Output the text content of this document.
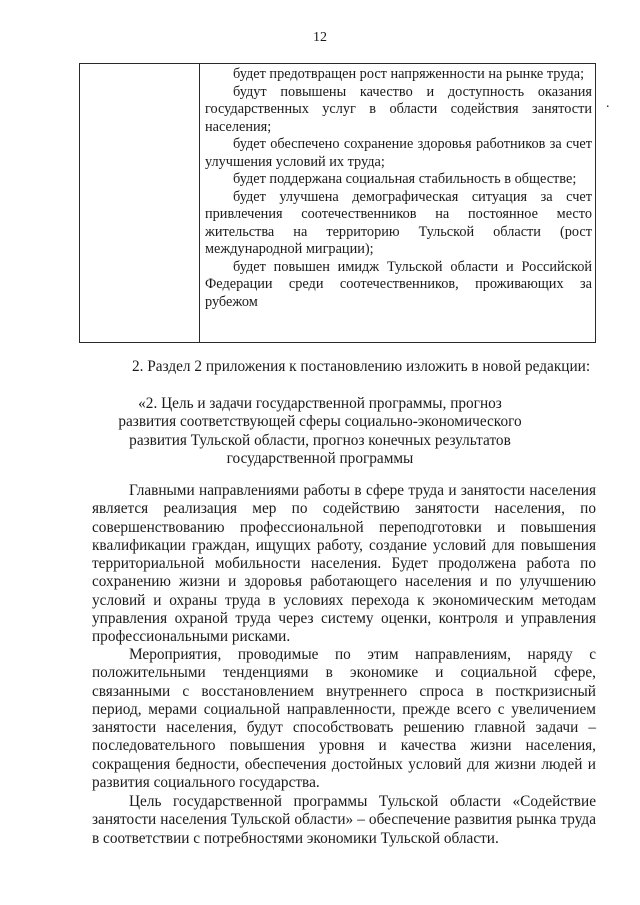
12

будет предотвращен рост напряженности на рынке труда;

будут повышены качество и доступность оказания государственных услуг в области содействия занятости населения;

будет обеспечено сохранение здоровья работников за счет улучшения условий их труда;

будет поддержана социальная стабильность в обществе;

будет улучшена демографическая ситуация за счет привлечения соотечественников на постоянное место жительства на территорию Тульской области (рост международной миграции);

будет повышен имидж Тульской области и Российской Федерации среди соотечественников, проживающих за рубежом

.
2. Раздел 2 приложения к постановлению изложить в новой редакции:
«2. Цель и задачи государственной программы, прогноз
развития соответствующей сферы социально-экономического
развития Тульской области, прогноз конечных результатов
государственной программы

Главными направлениями работы в сфере труда и занятости населения является реализация мер по содействию занятости населения, по совершенствованию профессиональной переподготовки и повышения квалификации граждан, ищущих работу, создание условий для повышения территориальной мобильности населения. Будет продолжена работа по сохранению жизни и здоровья работающего населения и по улучшению условий и охраны труда в условиях перехода к экономическим методам управления охраной труда через систему оценки, контроля и управления профессиональными рисками.

Мероприятия, проводимые по этим направлениям, наряду с положительными тенденциями в экономике и социальной сфере, связанными с восстановлением внутреннего спроса в посткризисный период, мерами социальной направленности, прежде всего с увеличением занятости населения, будут способствовать решению главной задачи – последовательного повышения уровня и качества жизни населения, сокращения бедности, обеспечения достойных условий для жизни людей и развития социального государства.

Цель государственной программы Тульской области «Содействие занятости населения Тульской области» – обеспечение развития рынка труда в соответствии с потребностями экономики Тульской области.
